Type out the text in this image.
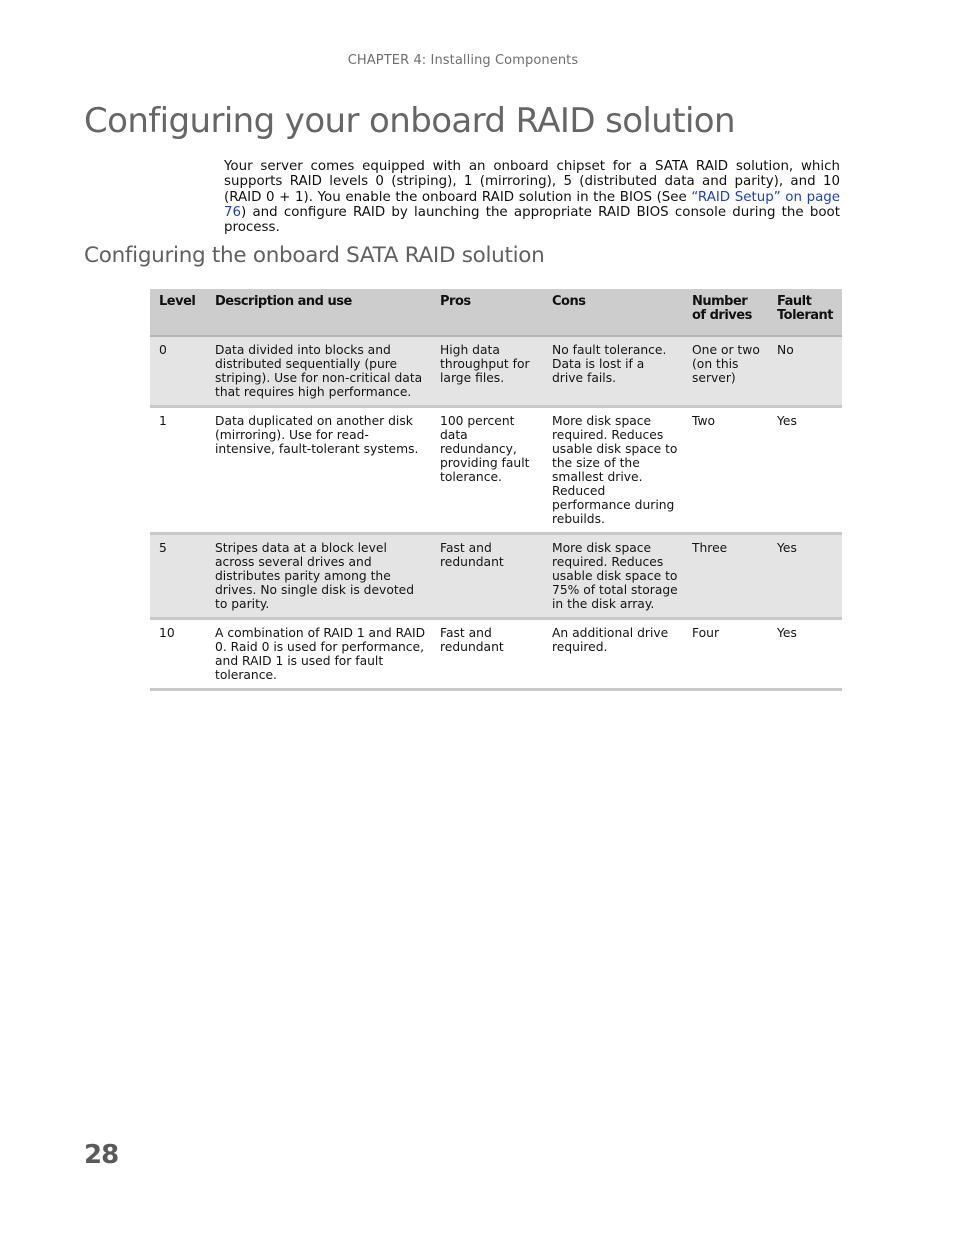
CHAPTER 4: Installing Components
Configuring your onboard RAID solution

Your server comes equipped with an onboard chipset for a SATA RAID solution, which supports RAID levels 0 (striping), 1 (mirroring), 5 (distributed data and parity), and 10 (RAID 0 + 1). You enable the onboard RAID solution in the BIOS (See “RAID Setup” on page 76) and configure RAID by launching the appropriate RAID BIOS console during the boot process.

Configuring the onboard SATA RAID solution
Level	Description and use	Pros	Cons	Number of drives	Fault Tolerant
0	Data divided into blocks and distributed sequentially (pure striping). Use for non-critical data that requires high performance.	High data throughput for large files.	No fault tolerance. Data is lost if a drive fails.	One or two (on this server)	No
1	Data duplicated on another disk (mirroring). Use for read-intensive, fault-tolerant systems.	100 percent data redundancy, providing fault tolerance.	More disk space required. Reduces usable disk space to the size of the smallest drive. Reduced performance during rebuilds.	Two	Yes
5	Stripes data at a block level across several drives and distributes parity among the drives. No single disk is devoted to parity.	Fast and redundant	More disk space required. Reduces usable disk space to 75% of total storage in the disk array.	Three	Yes
10	A combination of RAID 1 and RAID 0. Raid 0 is used for performance, and RAID 1 is used for fault tolerance.	Fast and redundant	An additional drive required.	Four	Yes
28
